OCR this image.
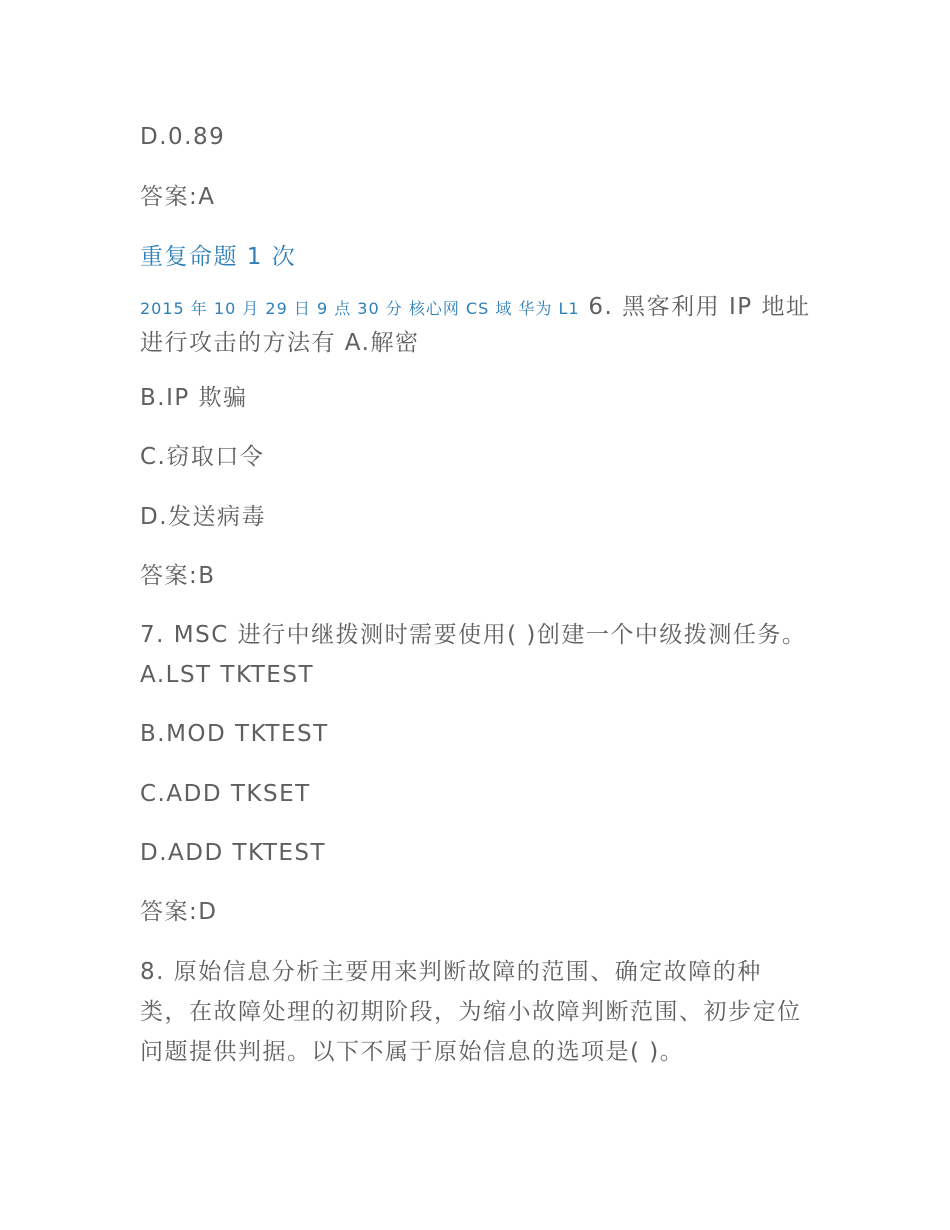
D.0.89
答案:A
重复命题 1 次
2015 年 10 月 29 日 9 点 30 分 核心网 CS 域 华为 L1 6. 黑客利用 IP 地址进行攻击的方法有 A.解密
B.IP 欺骗
C.窃取口令
D.发送病毒
答案:B
7. MSC 进行中继拨测时需要使用( )创建一个中级拨测任务。 A.LST TKTEST
B.MOD TKTEST
C.ADD TKSET
D.ADD TKTEST
答案:D
8. 原始信息分析主要用来判断故障的范围、确定故障的种类，在故障处理的初期阶段，为缩小故障判断范围、初步定位问题提供判据。以下不属于原始信息的选项是( )。
